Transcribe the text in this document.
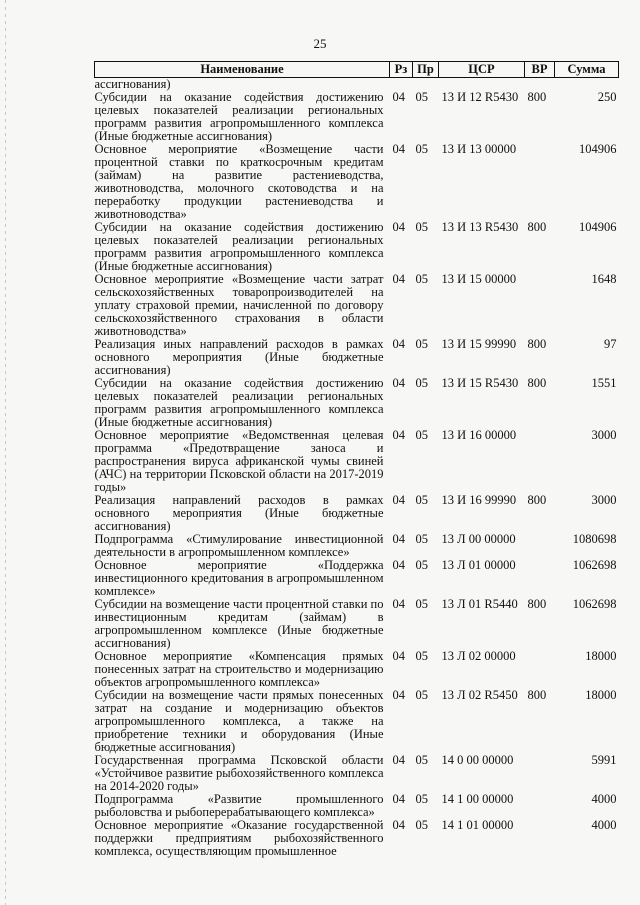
25
Наименование	Рз	Пр	ЦСР	ВР	Сумма
ассигнования)					
Субсидии на оказание содействия достижению целевых показателей реализации региональных программ развития агропромышленного комплекса (Иные бюджетные ассигнования)	04	05	13 И 12 R5430	800	250
Основное мероприятие «Возмещение части процентной ставки по краткосрочным кредитам (займам) на развитие растениеводства, животноводства, молочного скотоводства и на переработку продукции растениеводства и животноводства»	04	05	13 И 13 00000		104906
Субсидии на оказание содействия достижению целевых показателей реализации региональных программ развития агропромышленного комплекса (Иные бюджетные ассигнования)	04	05	13 И 13 R5430	800	104906
Основное мероприятие «Возмещение части затрат сельскохозяйственных товаропроизводителей на уплату страховой премии, начисленной по договору сельскохозяйственного страхования в области животноводства»	04	05	13 И 15 00000		1648
Реализация иных направлений расходов в рамках основного мероприятия (Иные бюджетные ассигнования)	04	05	13 И 15 99990	800	97
Субсидии на оказание содействия достижению целевых показателей реализации региональных программ развития агропромышленного комплекса (Иные бюджетные ассигнования)	04	05	13 И 15 R5430	800	1551
Основное мероприятие «Ведомственная целевая программа «Предотвращение заноса и распространения вируса африканской чумы свиней (АЧС) на территории Псковской области на 2017-2019 годы»	04	05	13 И 16 00000		3000
Реализация направлений расходов в рамках основного мероприятия (Иные бюджетные ассигнования)	04	05	13 И 16 99990	800	3000
Подпрограмма «Стимулирование инвестиционной деятельности в агропромышленном комплексе»	04	05	13 Л 00 00000		1080698
Основное мероприятие «Поддержка инвестиционного кредитования в агропромышленном комплексе»	04	05	13 Л 01 00000		1062698
Субсидии на возмещение части процентной ставки по инвестиционным кредитам (займам) в агропромышленном комплексе (Иные бюджетные ассигнования)	04	05	13 Л 01 R5440	800	1062698
Основное мероприятие «Компенсация прямых понесенных затрат на строительство и модернизацию объектов агропромышленного комплекса»	04	05	13 Л 02 00000		18000
Субсидии на возмещение части прямых понесенных затрат на создание и модернизацию объектов агропромышленного комплекса, а также на приобретение техники и оборудования (Иные бюджетные ассигнования)	04	05	13 Л 02 R5450	800	18000
Государственная программа Псковской области «Устойчивое развитие рыбохозяйственного комплекса на 2014-2020 годы»	04	05	14 0 00 00000		5991
Подпрограмма «Развитие промышленного рыболовства и рыбоперерабатывающего комплекса»	04	05	14 1 00 00000		4000
Основное мероприятие «Оказание государственной поддержки предприятиям рыбохозяйственного комплекса, осуществляющим промышленное	04	05	14 1 01 00000		4000
